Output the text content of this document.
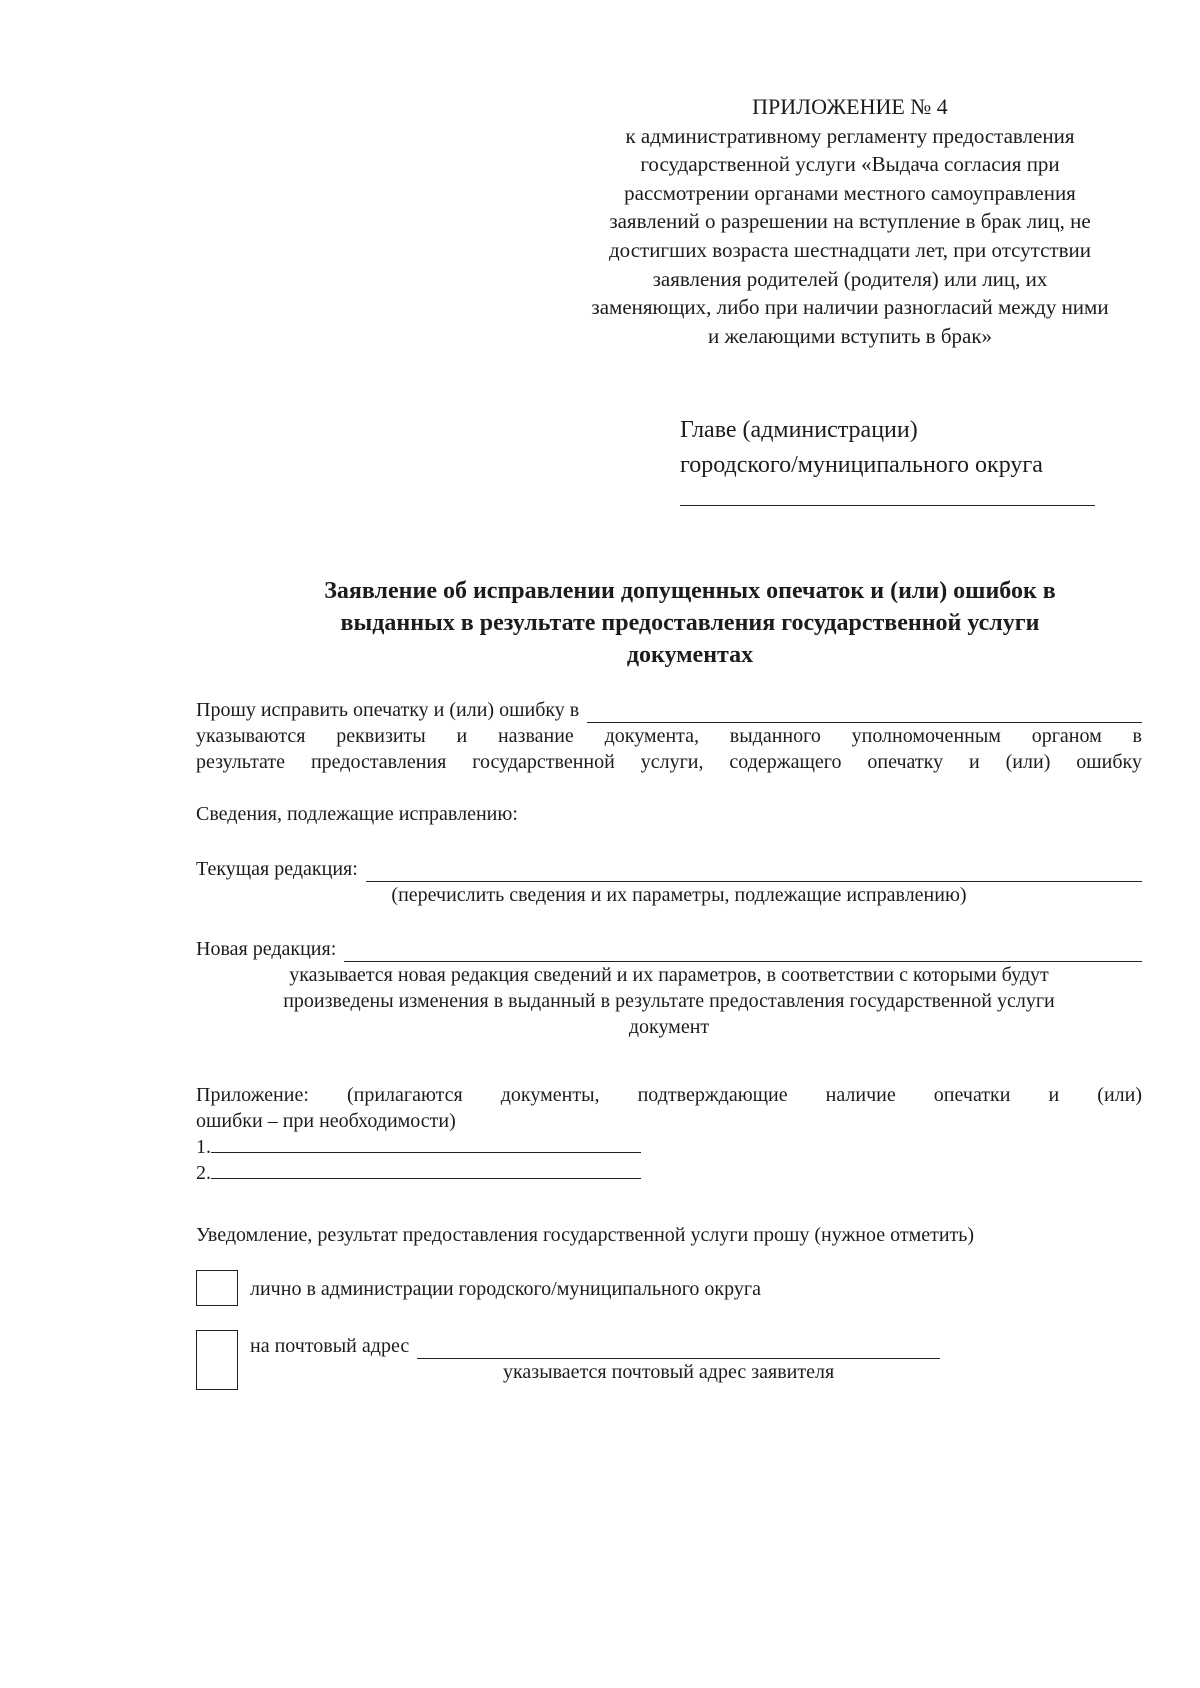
ПРИЛОЖЕНИЕ № 4
к административному регламенту предоставления
государственной услуги «Выдача согласия при
рассмотрении органами местного самоуправления
заявлений о разрешении на вступление в брак лиц, не
достигших возраста шестнадцати лет, при отсутствии
заявления родителей (родителя) или лиц, их
заменяющих, либо при наличии разногласий между ними
и желающими вступить в брак»
Главе (администрации)
городского/муниципального округа
Заявление об исправлении допущенных опечаток и (или) ошибок в
выданных в результате предоставления государственной услуги
документах
Прошу исправить опечатку и (или) ошибку в
указываются реквизиты и название документа, выданного уполномоченным органом в
результате предоставления государственной услуги, содержащего опечатку и (или) ошибку
Сведения, подлежащие исправлению:
Текущая редакция:
(перечислить сведения и их параметры, подлежащие исправлению)
Новая редакция:
указывается новая редакция сведений и их параметров, в соответствии с которыми будут
произведены изменения в выданный в результате предоставления государственной услуги
документ
Приложение: (прилагаются документы, подтверждающие наличие опечатки и (или)
ошибки – при необходимости)
1.
2.
Уведомление, результат предоставления государственной услуги прошу (нужное отметить)
лично в администрации городского/муниципального округа
на почтовый адрес
указывается почтовый адрес заявителя
